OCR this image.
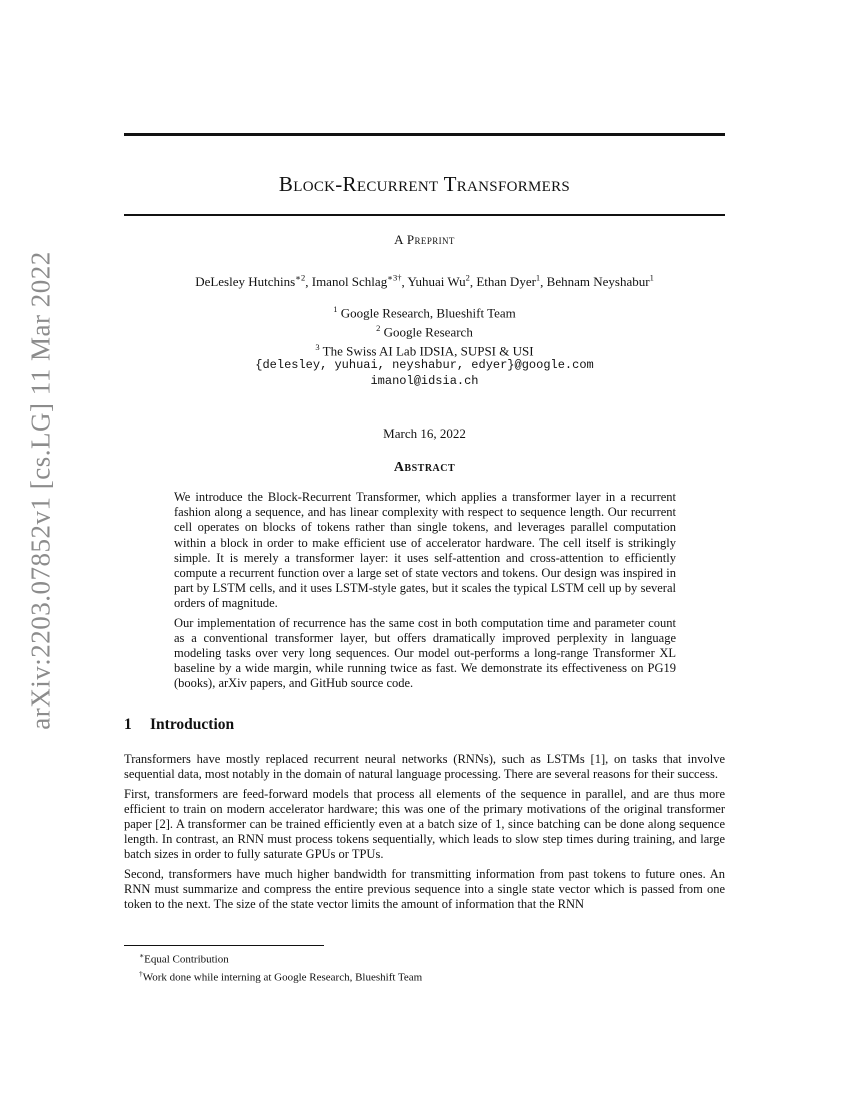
arXiv:2203.07852v1 [cs.LG] 11 Mar 2022
Block-Recurrent Transformers
A Preprint
DeLesley Hutchins$^{∗2}$, Imanol Schlag$^{∗3\dagger}$, Yuhuai Wu$^2$, Ethan Dyer$^1$, Behnam Neyshabur$^1$
$^1$ Google Research, Blueshift Team
$^2$ Google Research
$^3$ The Swiss AI Lab IDSIA, SUPSI & USI
{delesley, yuhuai, neyshabur, edyer}@google.com
imanol@idsia.ch
March 16, 2022
Abstract

We introduce the Block-Recurrent Transformer, which applies a transformer layer in a recurrent fashion along a sequence, and has linear complexity with respect to sequence length. Our recurrent cell operates on blocks of tokens rather than single tokens, and leverages parallel computation within a block in order to make efficient use of accelerator hardware. The cell itself is strikingly simple. It is merely a transformer layer: it uses self-attention and cross-attention to efficiently compute a recurrent function over a large set of state vectors and tokens. Our design was inspired in part by LSTM cells, and it uses LSTM-style gates, but it scales the typical LSTM cell up by several orders of magnitude.

Our implementation of recurrence has the same cost in both computation time and parameter count as a conventional transformer layer, but offers dramatically improved perplexity in language modeling tasks over very long sequences. Our model out-performs a long-range Transformer XL baseline by a wide margin, while running twice as fast. We demonstrate its effectiveness on PG19 (books), arXiv papers, and GitHub source code.

1 Introduction

Transformers have mostly replaced recurrent neural networks (RNNs), such as LSTMs [1], on tasks that involve sequential data, most notably in the domain of natural language processing. There are several reasons for their success.

First, transformers are feed-forward models that process all elements of the sequence in parallel, and are thus more efficient to train on modern accelerator hardware; this was one of the primary motivations of the original transformer paper [2]. A transformer can be trained efficiently even at a batch size of 1, since batching can be done along sequence length. In contrast, an RNN must process tokens sequentially, which leads to slow step times during training, and large batch sizes in order to fully saturate GPUs or TPUs.

Second, transformers have much higher bandwidth for transmitting information from past tokens to future ones. An RNN must summarize and compress the entire previous sequence into a single state vector which is passed from one token to the next. The size of the state vector limits the amount of information that the RNN

∗Equal Contribution
†Work done while interning at Google Research, Blueshift Team
